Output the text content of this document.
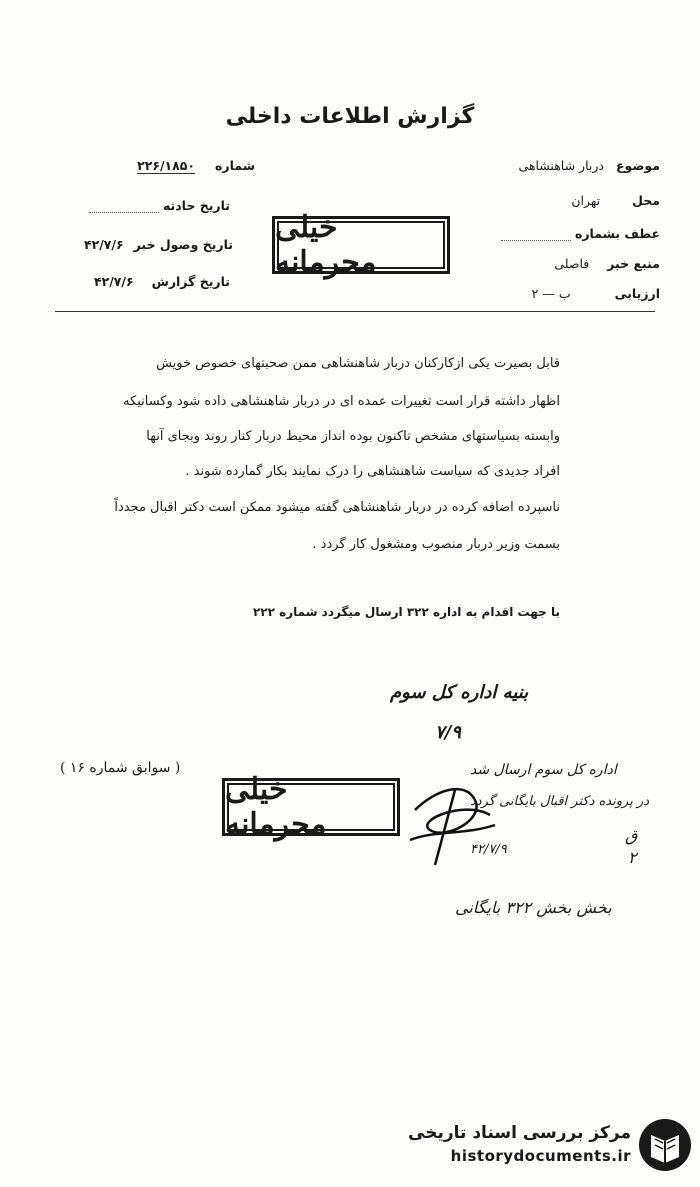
گزارش اطلاعات داخلی
موضوع دربار شاهنشاهی
محل تهران
عطف بشماره
منبع خبر فاصلی
ارزیابی ب — ۲
شماره ۲۲۶/۱۸۵۰
تاریخ حادثه
تاریخ وصول خبر ۴۲/۷/۶
تاریخ گزارش ۴۲/۷/۶
خیلی محرمانه
قابل بصیرت یکی ازکارکنان دربار شاهنشاهی ممن صحبتهای خصوص خویش
اظهار داشته قرار است تغییرات عمده ای در دربار شاهنشاهی داده شود وکسانیکه
وابسته بسیاستهای مشخص تاکنون بوده انداز محیط دربار کنار روند وبجای آنها
افراد جدیدی که سیاست شاهنشاهی را درک نمایند بکار گمارده شوند .
ناسپرده اضافه کرده در دربار شاهنشاهی گفته میشود ممکن است دکتر اقبال مجدداً
بسمت وزیر دربار منصوب ومشغول کار گردد .
با جهت اقدام به اداره ۳۲۲ ارسال میگردد شماره ۲۲۲
بنیه اداره کل سوم
۷/۹
( سوابق شماره ۱۶ )	اداره کل سوم ارسال شد
در پرونده دکتر اقبال بایگانی گردد
۴۲/۷/۹
ق
۲
بخش بخش ۳۲۲ بایگانی
خیلی محرمانه
مرکز بررسی اسناد تاریخی
historydocuments.ir
